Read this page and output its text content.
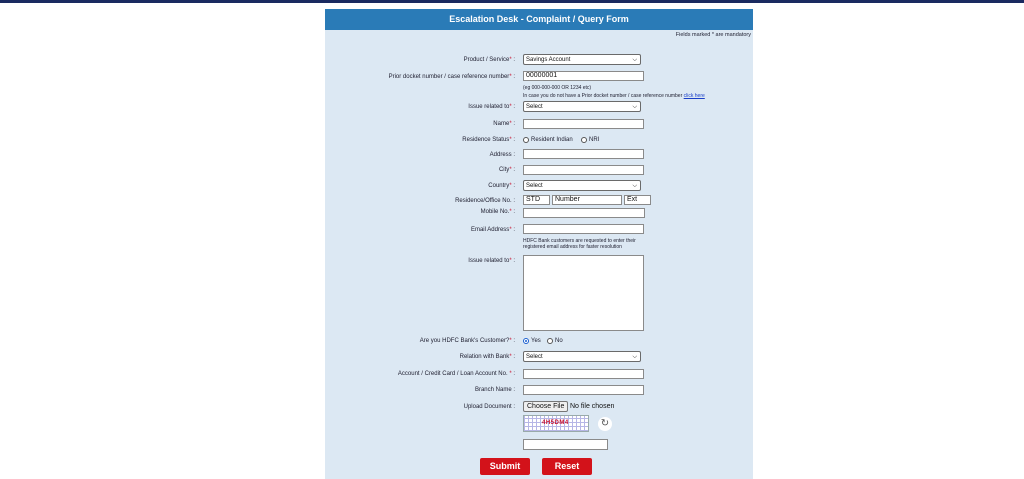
Escalation Desk - Complaint / Query Form
Fields marked * are mandatory
Product / Service* :	Savings Account	⌵
Prior docket number / case reference number* :	00000001
(eg 000-000-000 OR 1234 etc)
In case you do not have a Prior docket number / case reference number click here
Issue related to* :	Select	⌵
Name* :
Residence Status* :	Resident Indian	NRI
Address :
City* :
Country* :	Select	⌵
Residence/Office No. :	STD	Number	Ext
Mobile No.* :
Email Address* :
HDFC Bank customers are requested to enter their
registered email address for faster resolution
Issue related to* :
Are you HDFC Bank's Customer?* :	Yes No
Relation with Bank* :	Select	⌵
Account / Credit Card / Loan Account No. * :
Branch Name :
Upload Document :	Choose File No file chosen
4H5DM4	↻
Submit	Reset
